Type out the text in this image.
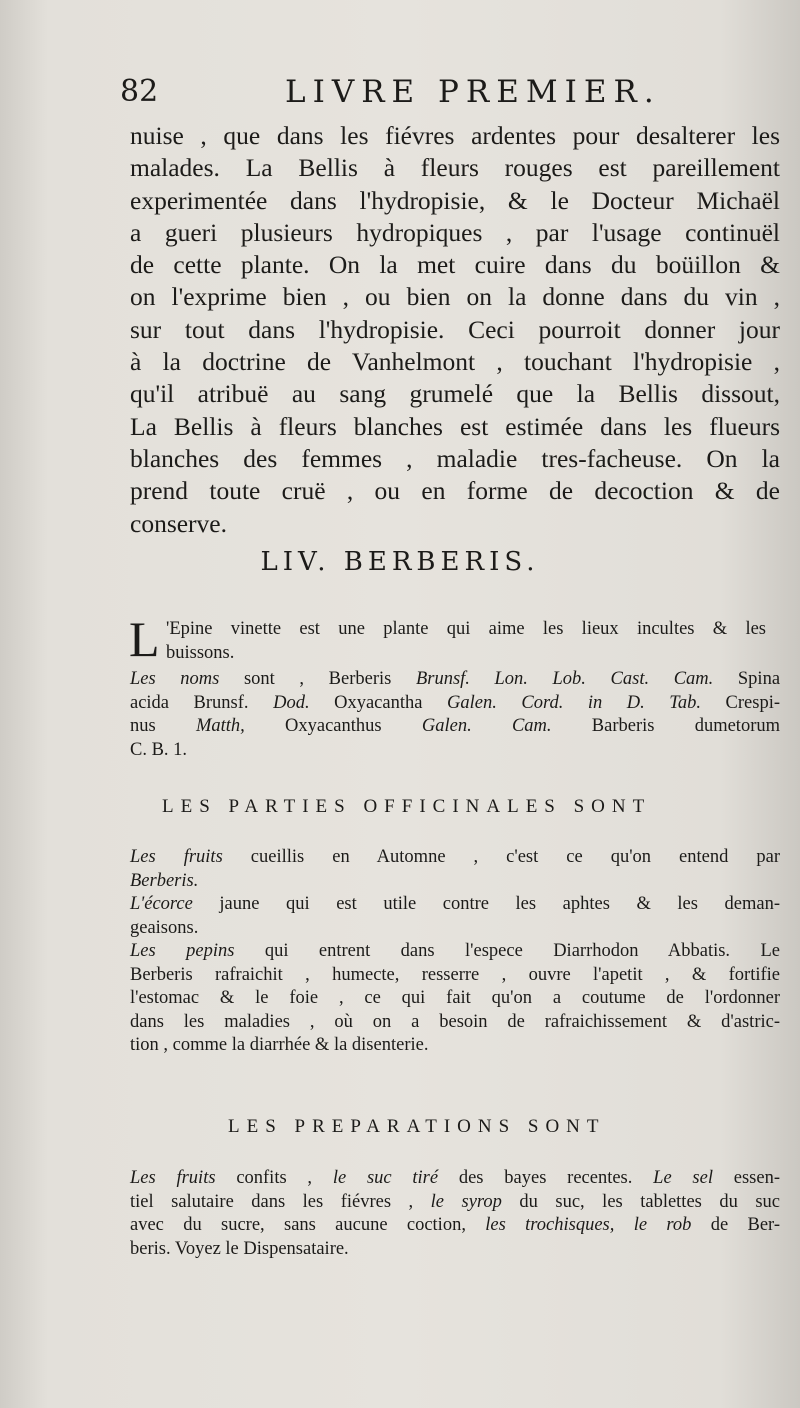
82	LIVRE PREMIER.
nuise , que dans les fiévres ardentes pour desalterer les
malades. La Bellis à fleurs rouges est pareillement
experimentée dans l'hydropisie, & le Docteur Michaël
a gueri plusieurs hydropiques , par l'usage continuël
de cette plante. On la met cuire dans du boüillon &
on l'exprime bien , ou bien on la donne dans du vin ,
sur tout dans l'hydropisie. Ceci pourroit donner jour
à la doctrine de Vanhelmont , touchant l'hydropisie ,
qu'il atribuë au sang grumelé que la Bellis dissout,
La Bellis à fleurs blanches est estimée dans les flueurs
blanches des femmes , maladie tres-facheuse. On la
prend toute cruë , ou en forme de decoction & de
conserve.
LIV. BERBERIS.
L 'Epine vinette est une plante qui aime les lieux incultes & les
buissons.
Les noms sont , Berberis Brunsf. Lon. Lob. Cast. Cam. Spina
acida Brunsf. Dod. Oxyacantha Galen. Cord. in D. Tab. Crespi-
nus Matth, Oxyacanthus Galen. Cam. Barberis dumetorum
C. B. 1.
LES PARTIES OFFICINALES SONT
Les fruits cueillis en Automne , c'est ce qu'on entend par
Berberis.
L'écorce jaune qui est utile contre les aphtes & les deman-
geaisons.
Les pepins qui entrent dans l'espece Diarrhodon Abbatis. Le
Berberis rafraichit , humecte, resserre , ouvre l'apetit , & fortifie
l'estomac & le foie , ce qui fait qu'on a coutume de l'ordonner
dans les maladies , où on a besoin de rafraichissement & d'astric-
tion , comme la diarrhée & la disenterie.
LES PREPARATIONS SONT
Les fruits confits , le suc tiré des bayes recentes. Le sel essen-
tiel salutaire dans les fiévres , le syrop du suc, les tablettes du suc
avec du sucre, sans aucune coction, les trochisques, le rob de Ber-
beris. Voyez le Dispensataire.
